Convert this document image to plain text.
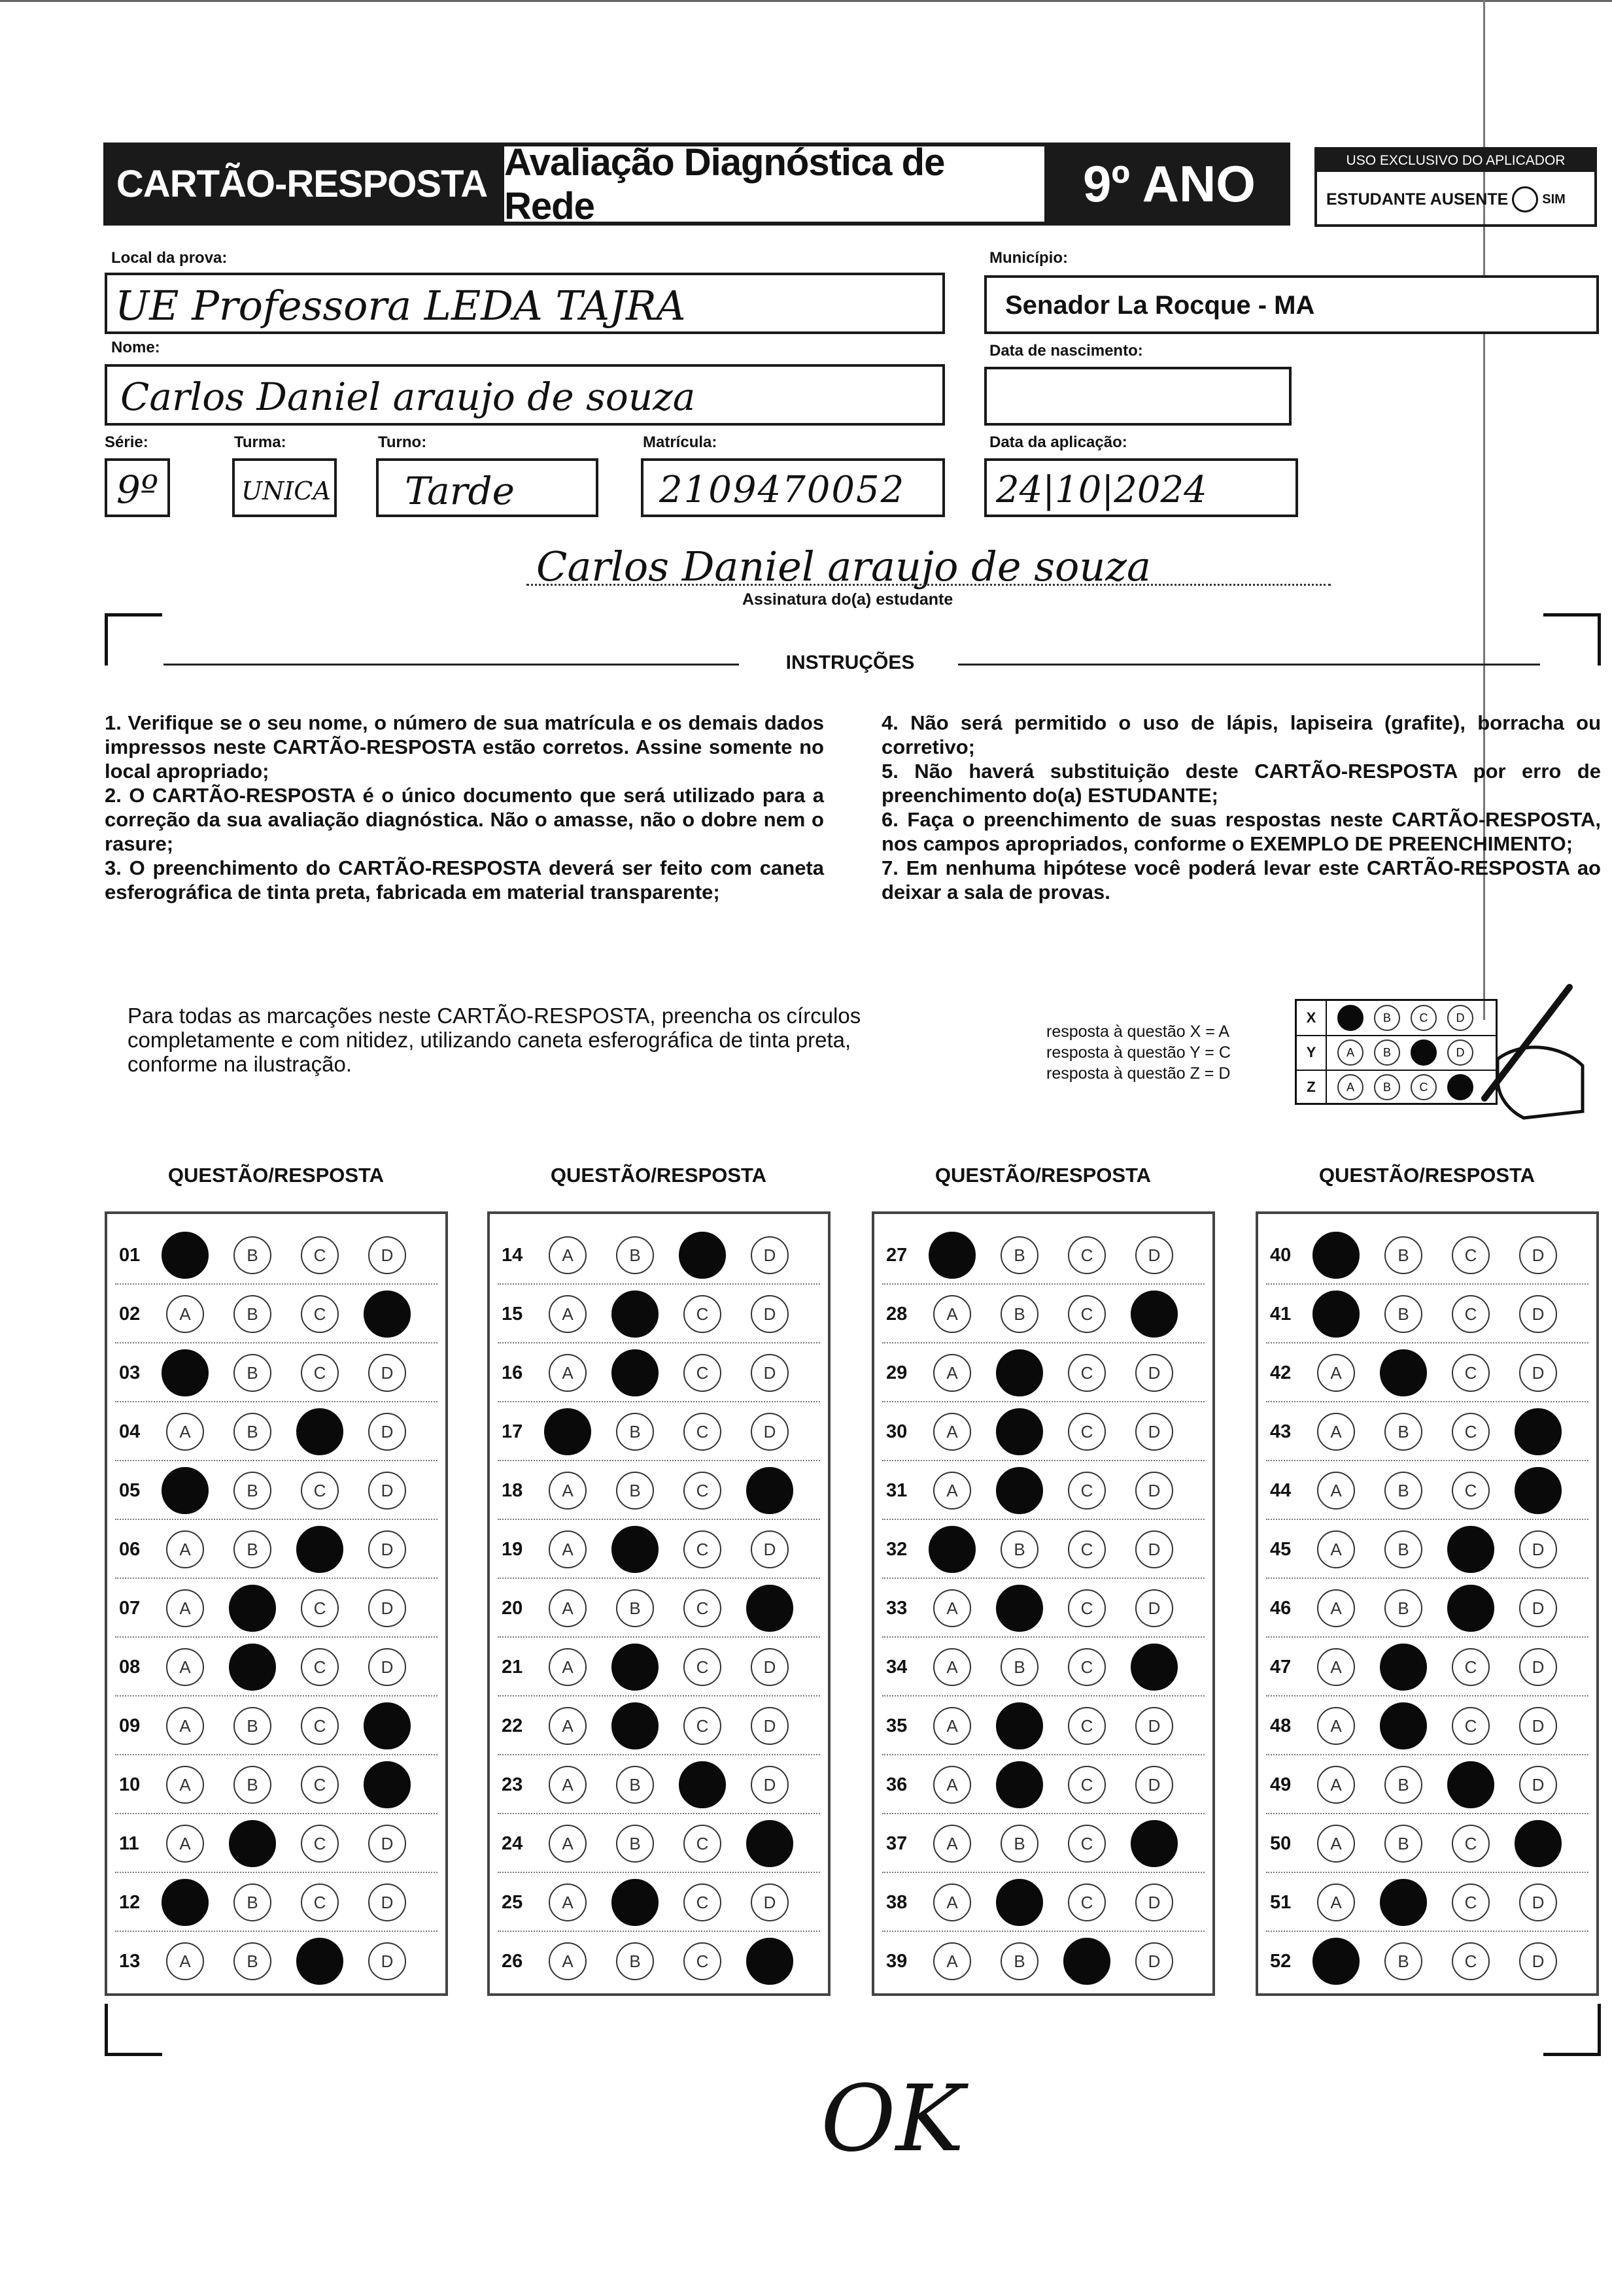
CARTÃO-RESPOSTA
Avaliação Diagnóstica de Rede	9º ANO	USO EXCLUSIVO DO APLICADOR
ESTUDANTE AUSENTE	SIM
Local da prova:
UE Professora LEDA TAJRA
Município:
Senador La Rocque - MA
Nome:
Carlos Daniel araujo de souza
Data de nascimento:
Série:
9º
Turma:
UNICA
Turno:
Tarde
Matrícula:
2109470052
Data da aplicação:
24|10|2024
Carlos Daniel araujo de souza
Assinatura do(a) estudante
INSTRUÇÕES

1. Verifique se o seu nome, o número de sua matrícula e os demais dados impressos neste CARTÃO-RESPOSTA estão corretos. Assine somente no local apropriado;

2. O CARTÃO-RESPOSTA é o único documento que será utilizado para a correção da sua avaliação diagnóstica. Não o amasse, não o dobre nem o rasure;

3. O preenchimento do CARTÃO-RESPOSTA deverá ser feito com caneta esferográfica de tinta preta, fabricada em material transparente;

4. Não será permitido o uso de lápis, lapiseira (grafite), borracha ou corretivo;

5. Não haverá substituição deste CARTÃO-RESPOSTA por erro de preenchimento do(a) ESTUDANTE;

6. Faça o preenchimento de suas respostas neste CARTÃO-RESPOSTA, nos campos apropriados, conforme o EXEMPLO DE PREENCHIMENTO;

7. Em nenhuma hipótese você poderá levar este CARTÃO-RESPOSTA ao deixar a sala de provas.

Para todas as marcações neste CARTÃO-RESPOSTA, preencha os círculos completamente e com nitidez, utilizando caneta esferográfica de tinta preta, conforme na ilustração.
resposta à questão X = A
resposta à questão Y = C
resposta à questão Z = D
X	B	C	D
Y	A	B	D
Z	A	B	C
QUESTÃO/RESPOSTA
01	B	C	D
02	A	B	C
03	B	C	D
04	A	B	D
05	B	C	D
06	A	B	D
07	A	C	D
08	A	C	D
09	A	B	C
10	A	B	C
11	A	C	D
12	B	C	D
13	A	B	D
QUESTÃO/RESPOSTA
14	A	B	D
15	A	C	D
16	A	C	D
17	B	C	D
18	A	B	C
19	A	C	D
20	A	B	C
21	A	C	D
22	A	C	D
23	A	B	D
24	A	B	C
25	A	C	D
26	A	B	C
QUESTÃO/RESPOSTA
27	B	C	D
28	A	B	C
29	A	C	D
30	A	C	D
31	A	C	D
32	B	C	D
33	A	C	D
34	A	B	C
35	A	C	D
36	A	C	D
37	A	B	C
38	A	C	D
39	A	B	D
QUESTÃO/RESPOSTA
40	B	C	D
41	B	C	D
42	A	C	D
43	A	B	C
44	A	B	C
45	A	B	D
46	A	B	D
47	A	C	D
48	A	C	D
49	A	B	D
50	A	B	C
51	A	C	D
52	B	C	D
OK
